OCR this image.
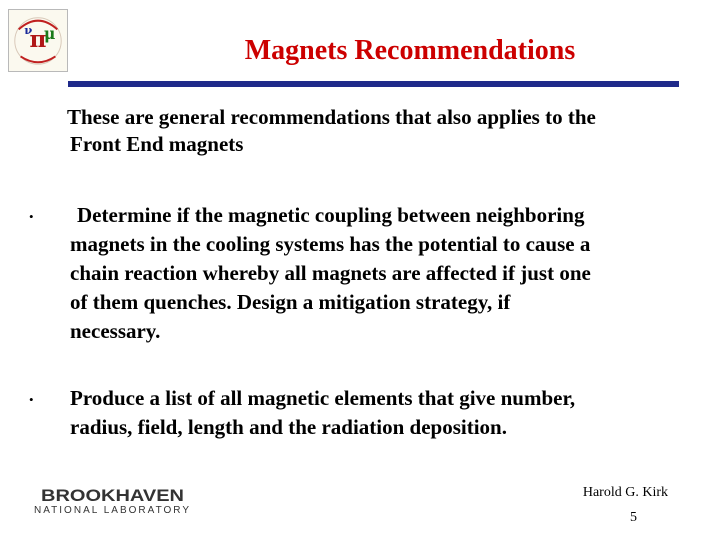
π
μ
ν
Magnets Recommendations
These are general recommendations that also applies to the
Front End magnets
•	Determine if the magnetic coupling between neighboring
magnets in the cooling systems has the potential to cause a
chain reaction whereby all magnets are affected if just one
of them quenches. Design a mitigation strategy, if
necessary.
• Produce a list of all magnetic elements that give number,
radius, field, length and the radiation deposition.
BROOKHAVEN
NATIONAL LABORATORY
Harold G. Kirk
5
